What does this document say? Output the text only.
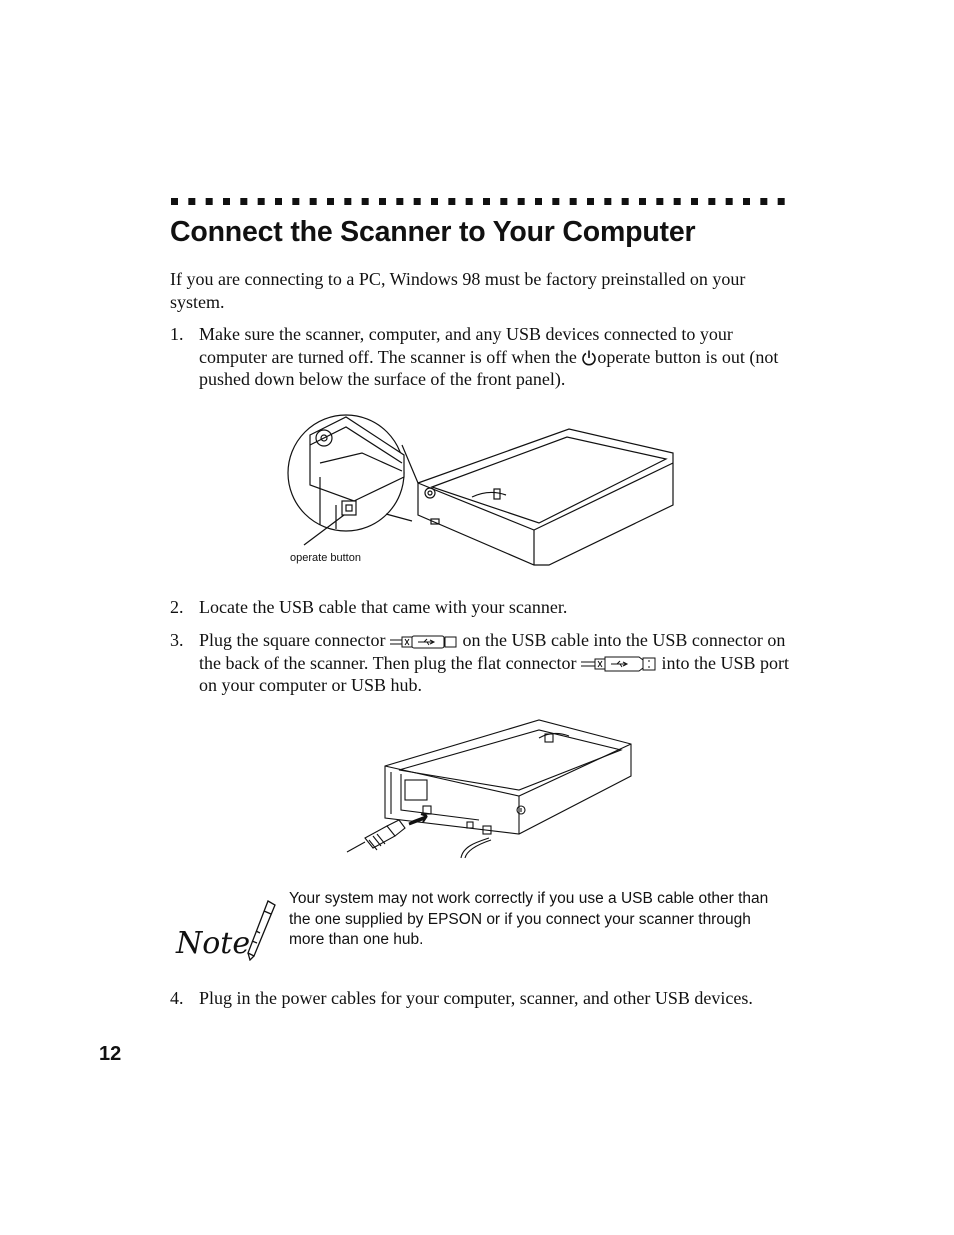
Connect the Scanner to Your Computer

If you are connecting to a PC, Windows 98 must be factory preinstalled on your system.

1. Make sure the scanner, computer, and any USB devices connected to your computer are turned off. The scanner is off when the operate button is out (not pushed down below the surface of the front panel).
operate button
2. Locate the USB cable that came with your scanner.
3. Plug the square connector	on the USB cable into the USB connector on the back of the scanner. Then plug the flat connector	into the USB port on your computer or USB hub.
Note
Your system may not work correctly if you use a USB cable other than the one supplied by EPSON or if you connect your scanner through more than one hub.
4. Plug in the power cables for your computer, scanner, and other USB devices.
12
